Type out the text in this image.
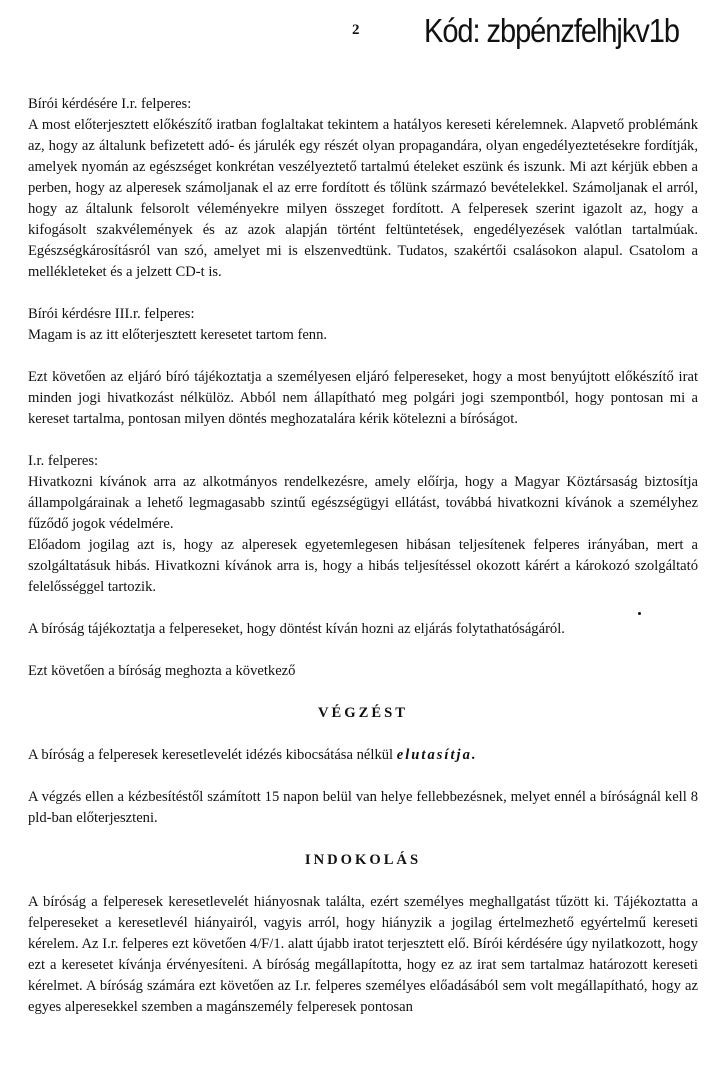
2 Kód: zbpénzfelhjkv1b

Bírói kérdésére I.r. felperes:
A most előterjesztett előkészítő iratban foglaltakat tekintem a hatályos kereseti kérelemnek. Alapvető problémánk az, hogy az általunk befizetett adó- és járulék egy részét olyan propagandára, olyan engedélyeztetésekre fordítják, amelyek nyomán az egészséget konkrétan veszélyeztető tartalmú ételeket eszünk és iszunk. Mi azt kérjük ebben a perben, hogy az alperesek számoljanak el az erre fordított és tőlünk származó bevételekkel. Számoljanak el arról, hogy az általunk felsorolt véleményekre milyen összeget fordított. A felperesek szerint igazolt az, hogy a kifogásolt szakvélemények és az azok alapján történt feltüntetések, engedélyezések valótlan tartalmúak. Egészségkárosításról van szó, amelyet mi is elszenvedtünk. Tudatos, szakértői csalásokon alapul. Csatolom a mellékleteket és a jelzett CD-t is.

Bírói kérdésre III.r. felperes:
Magam is az itt előterjesztett keresetet tartom fenn.

Ezt követően az eljáró bíró tájékoztatja a személyesen eljáró felpereseket, hogy a most benyújtott előkészítő irat minden jogi hivatkozást nélkülöz. Abból nem állapítható meg polgári jogi szempontból, hogy pontosan mi a kereset tartalma, pontosan milyen döntés meghozatalára kérik kötelezni a bíróságot.

I.r. felperes:
Hivatkozni kívánok arra az alkotmányos rendelkezésre, amely előírja, hogy a Magyar Köztársaság biztosítja állampolgárainak a lehető legmagasabb szintű egészségügyi ellátást, továbbá hivatkozni kívánok a személyhez fűződő jogok védelmére.
Előadom jogilag azt is, hogy az alperesek egyetemlegesen hibásan teljesítenek felperes irányában, mert a szolgáltatásuk hibás. Hivatkozni kívánok arra is, hogy a hibás teljesítéssel okozott kárért a károkozó szolgáltató felelősséggel tartozik.

A bíróság tájékoztatja a felpereseket, hogy döntést kíván hozni az eljárás folytathatóságáról.

Ezt követően a bíróság meghozta a következő

VÉGZÉST

A bíróság a felperesek keresetlevelét idézés kibocsátása nélkül elutasítja.

A végzés ellen a kézbesítéstől számított 15 napon belül van helye fellebbezésnek, melyet ennél a bíróságnál kell 8 pld-ban előterjeszteni.

INDOKOLÁS

A bíróság a felperesek keresetlevelét hiányosnak találta, ezért személyes meghallgatást tűzött ki. Tájékoztatta a felpereseket a keresetlevél hiányairól, vagyis arról, hogy hiányzik a jogilag értelmezhető egyértelmű kereseti kérelem. Az I.r. felperes ezt követően 4/F/1. alatt újabb iratot terjesztett elő. Bírói kérdésére úgy nyilatkozott, hogy ezt a keresetet kívánja érvényesíteni. A bíróság megállapította, hogy ez az irat sem tartalmaz határozott kereseti kérelmet. A bíróság számára ezt követően az I.r. felperes személyes előadásából sem volt megállapítható, hogy az egyes alperesekkel szemben a magánszemély felperesek pontosan
